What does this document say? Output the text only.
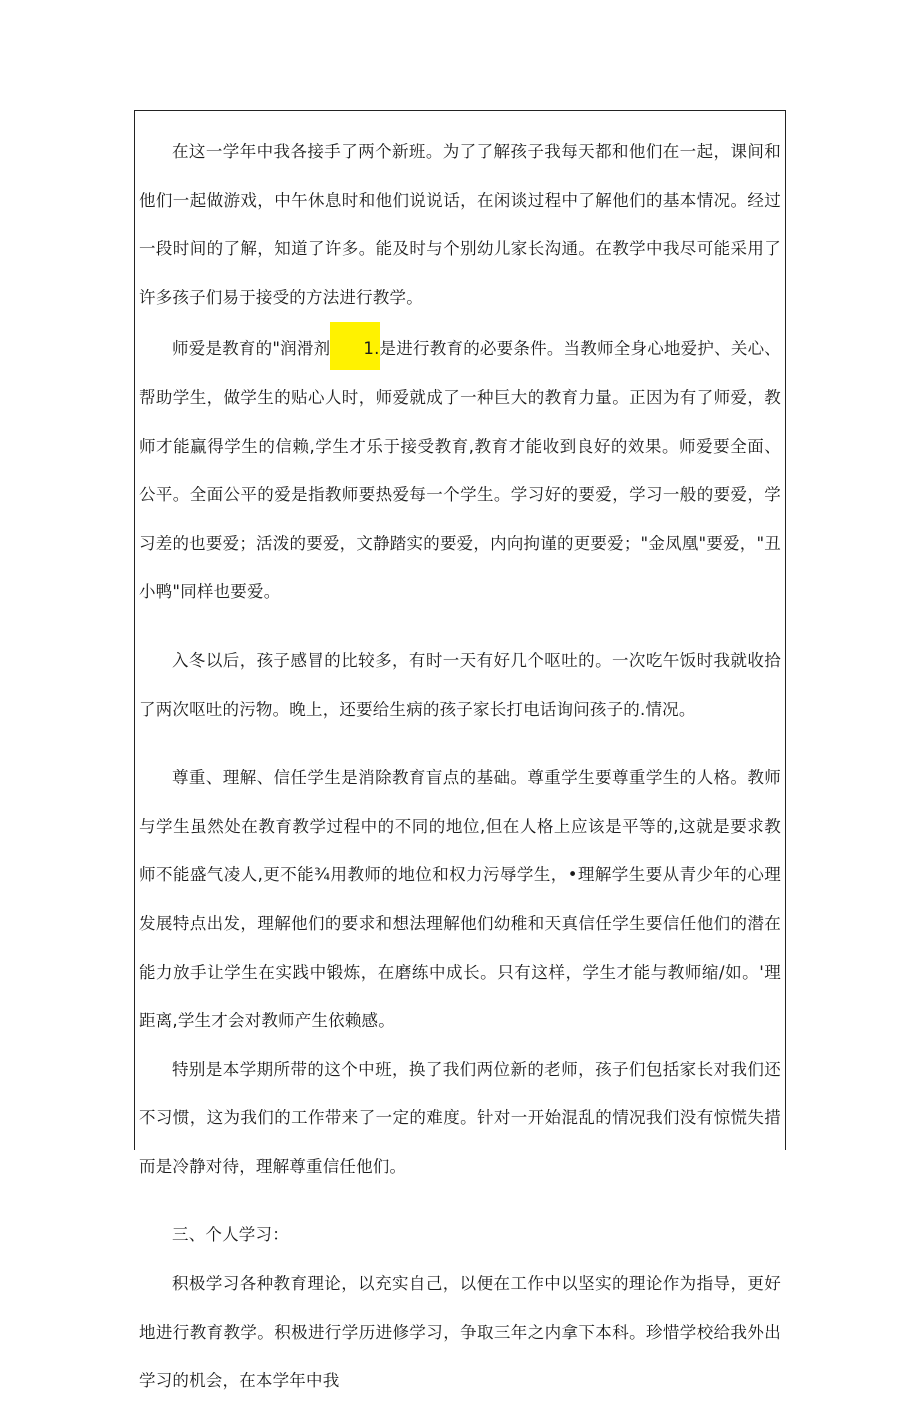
在这一学年中我各接手了两个新班。为了了解孩子我每天都和他们在一起，课间和他们一起做游戏，中午休息时和他们说说话，在闲谈过程中了解他们的基本情况。经过一段时间的了解，知道了许多。能及时与个别幼儿家长沟通。在教学中我尽可能采用了许多孩子们易于接受的方法进行教学。

师爱是教育的"润滑剂 1.是进行教育的必要条件。当教师全身心地爱护、关心、帮助学生，做学生的贴心人时，师爱就成了一种巨大的教育力量。正因为有了师爱，教师才能赢得学生的信赖,学生才乐于接受教育,教育才能收到良好的效果。师爱要全面、公平。全面公平的爱是指教师要热爱每一个学生。学习好的要爱，学习一般的要爱，学习差的也要爱；活泼的要爱，文静踏实的要爱，内向拘谨的更要爱；"金凤凰"要爱，"丑小鸭"同样也要爱。

入冬以后，孩子感冒的比较多，有时一天有好几个呕吐的。一次吃午饭时我就收拾了两次呕吐的污物。晚上，还要给生病的孩子家长打电话询问孩子的.情况。

尊重、理解、信任学生是消除教育盲点的基础。尊重学生要尊重学生的人格。教师与学生虽然处在教育教学过程中的不同的地位,但在人格上应该是平等的,这就是要求教师不能盛气凌人,更不能¾用教师的地位和权力污辱学生，•理解学生要从青少年的心理发展特点出发，理解他们的要求和想法理解他们幼稚和天真信任学生要信任他们的潜在能力放手让学生在实践中锻炼，在磨练中成长。只有这样，学生才能与教师缩/如。'理距离,学生才会对教师产生依赖感。

特别是本学期所带的这个中班，换了我们两位新的老师，孩子们包括家长对我们还不习惯，这为我们的工作带来了一定的难度。针对一开始混乱的情况我们没有惊慌失措而是冷静对待，理解尊重信任他们。

三、个人学习：

积极学习各种教育理论，以充实自己，以便在工作中以坚实的理论作为指导，更好地进行教育教学。积极进行学历进修学习，争取三年之内拿下本科。珍惜学校给我外出学习的机会，在本学年中我
